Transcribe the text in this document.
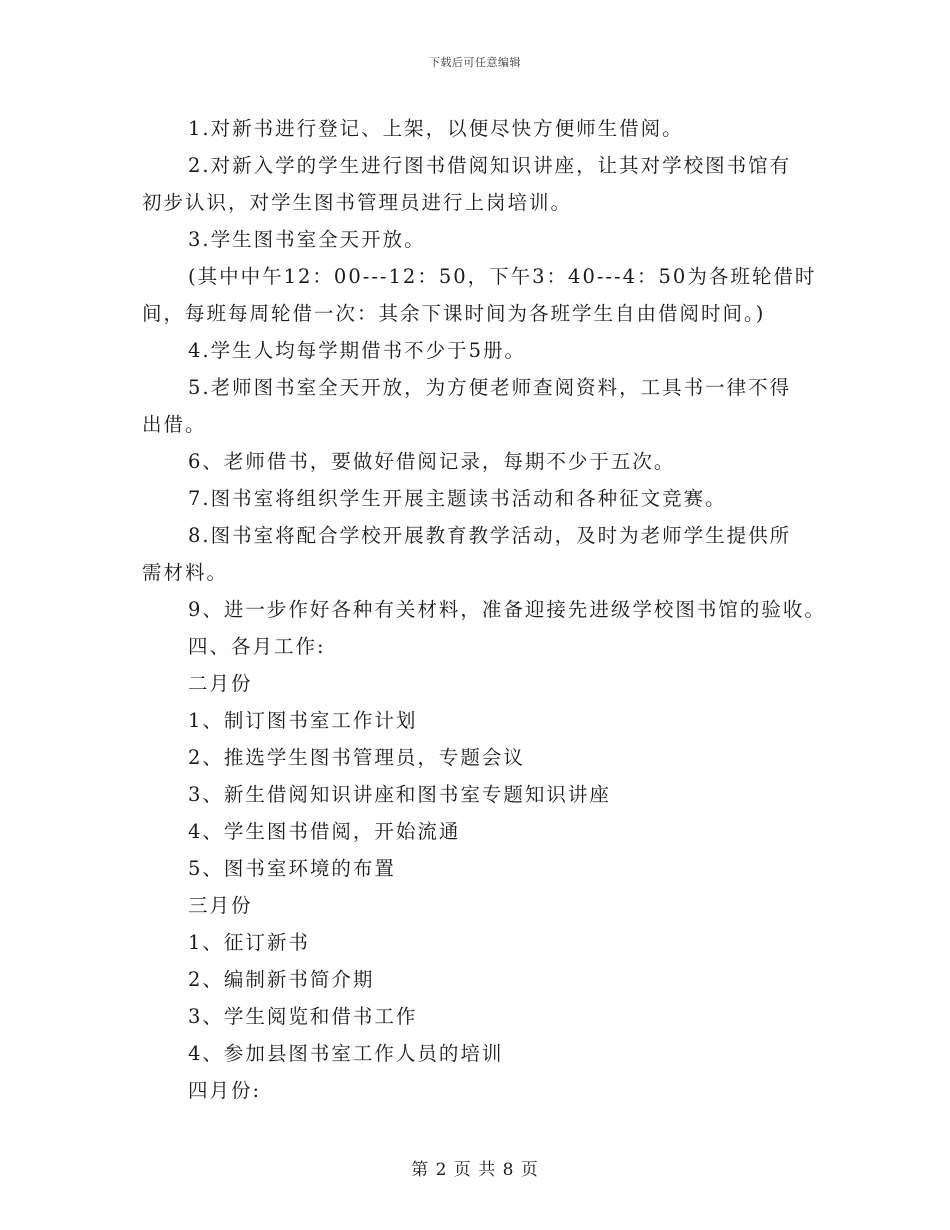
下载后可任意编辑

1.对新书进行登记、上架，以便尽快方便师生借阅。

2.对新入学的学生进行图书借阅知识讲座，让其对学校图书馆有

初步认识，对学生图书管理员进行上岗培训。

3.学生图书室全天开放。

(其中中午12：00---12：50，下午3：40---4：50为各班轮借时

间，每班每周轮借一次：其余下课时间为各班学生自由借阅时间。)

4.学生人均每学期借书不少于5册。

5.老师图书室全天开放，为方便老师查阅资料，工具书一律不得

出借。

6、老师借书，要做好借阅记录，每期不少于五次。

7.图书室将组织学生开展主题读书活动和各种征文竞赛。

8.图书室将配合学校开展教育教学活动，及时为老师学生提供所

需材料。

9、进一步作好各种有关材料，准备迎接先进级学校图书馆的验收。

四、各月工作:

二月份

1、制订图书室工作计划

2、推选学生图书管理员，专题会议

3、新生借阅知识讲座和图书室专题知识讲座

4、学生图书借阅，开始流通

5、图书室环境的布置

三月份

1、征订新书

2、编制新书简介期

3、学生阅览和借书工作

4、参加县图书室工作人员的培训

四月份:

第 2 页 共 8 页
